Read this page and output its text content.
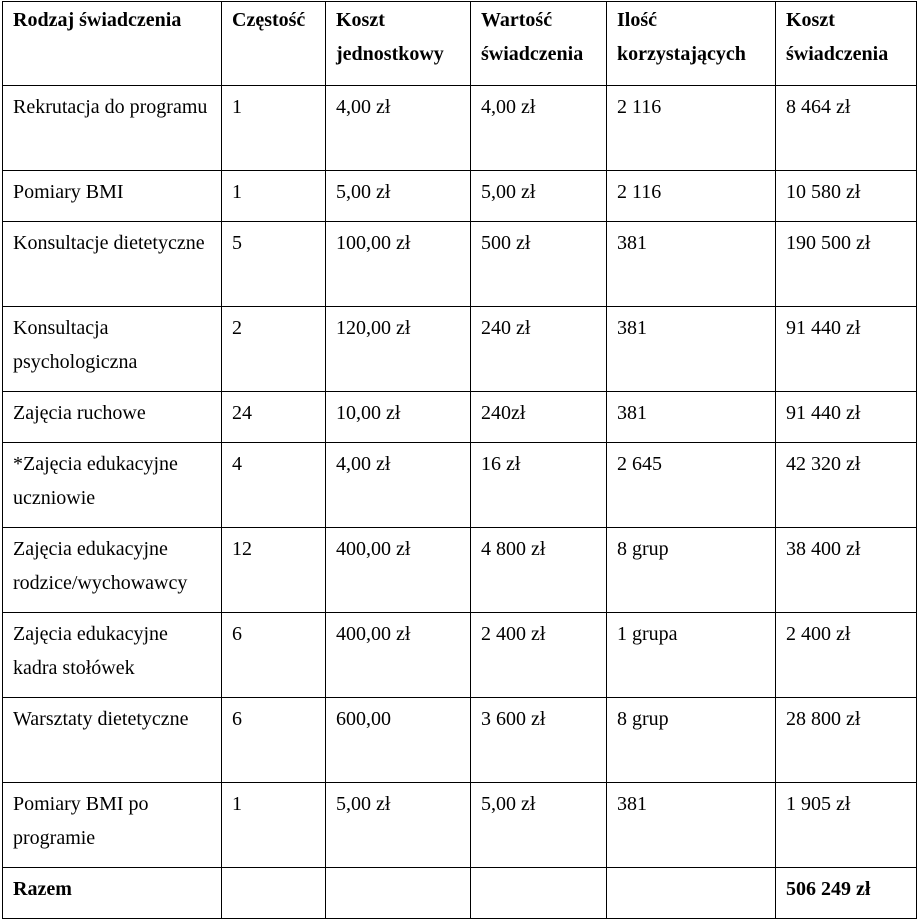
Rodzaj świadczenia	Częstość	Koszt jednostkowy	Wartość świadczenia	Ilość korzystających	Koszt świadczenia
Rekrutacja do programu	1	4,00 zł	4,00 zł	2 116	8 464 zł
Pomiary BMI	1	5,00 zł	5,00 zł	2 116	10 580 zł
Konsultacje dietetyczne	5	100,00 zł	500 zł	381	190 500 zł
Konsultacja psychologiczna	2	120,00 zł	240 zł	381	91 440 zł
Zajęcia ruchowe	24	10,00 zł	240zł	381	91 440 zł
*Zajęcia edukacyjne uczniowie	4	4,00 zł	16 zł	2 645	42 320 zł
Zajęcia edukacyjne rodzice/wychowawcy	12	400,00 zł	4 800 zł	8 grup	38 400 zł
Zajęcia edukacyjne kadra stołówek	6	400,00 zł	2 400 zł	1 grupa	2 400 zł
Warsztaty dietetyczne	6	600,00	3 600 zł	8 grup	28 800 zł
Pomiary BMI po programie	1	5,00 zł	5,00 zł	381	1 905 zł
Razem					506 249 zł
